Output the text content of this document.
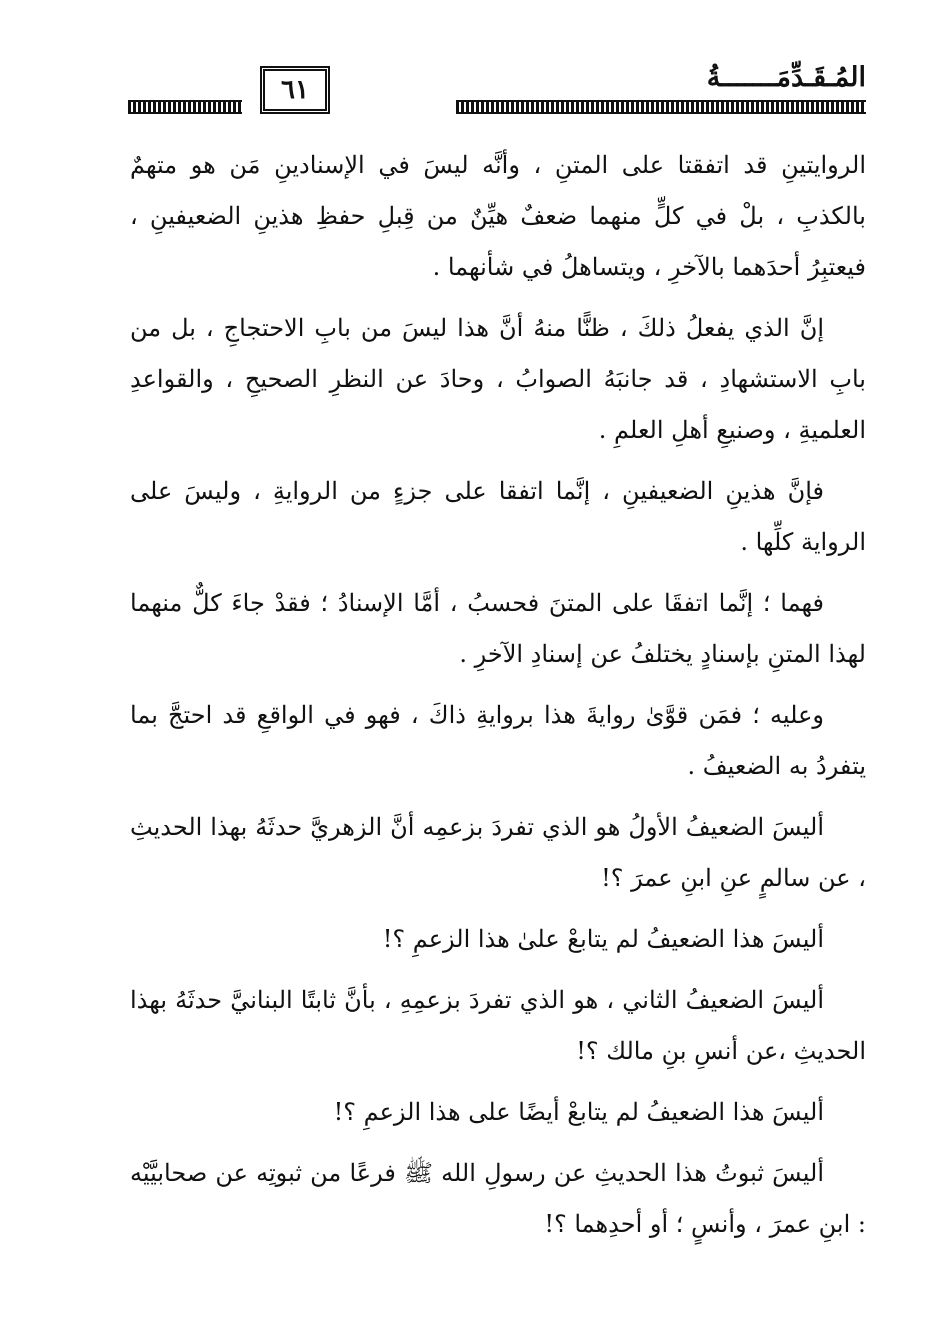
المُـقَـدِّمَـــــــةُ
٦١

الروايتينِ قد اتفقتا على المتنِ ، وأنَّه ليسَ في الإسنادينِ مَن هو متهمٌ بالكذبِ ، بلْ في كلٍّ منهما ضعفٌ هيِّنٌ من قِبلِ حفظِ هذينِ الضعيفينِ ، فيعتبِرُ أحدَهما بالآخرِ ، ويتساهلُ في شأنهما .

إنَّ الذي يفعلُ ذلكَ ، ظنًّا منهُ أنَّ هذا ليسَ من بابِ الاحتجاجِ ، بل من بابِ الاستشهادِ ، قد جانبَهُ الصوابُ ، وحادَ عن النظرِ الصحيحِ ، والقواعدِ العلميةِ ، وصنيعِ أهلِ العلمِ .

فإنَّ هذينِ الضعيفينِ ، إنَّما اتفقا على جزءٍ من الروايةِ ، وليسَ على الرواية كلِّها .

فهما ؛ إنَّما اتفقَا على المتنَ فحسبُ ، أمَّا الإسنادُ ؛ فقدْ جاءَ كلٌّ منهما لهذا المتنِ بإسنادٍ يختلفُ عن إسنادِ الآخرِ .

وعليه ؛ فمَن قوَّىٰ روايةَ هذا بروايةِ ذاكَ ، فهو في الواقعِ قد احتجَّ بما يتفردُ به الضعيفُ .

أليسَ الضعيفُ الأولُ هو الذي تفردَ بزعمِه أنَّ الزهريَّ حدثَهُ بهذا الحديثِ ، عن سالمٍ عنِ ابنِ عمرَ ؟!

أليسَ هذا الضعيفُ لم يتابعْ علىٰ هذا الزعمِ ؟!

أليسَ الضعيفُ الثاني ، هو الذي تفردَ بزعمِهِ ، بأنَّ ثابتًا البنانيَّ حدثَهُ بهذا الحديثِ ،عن أنسِ بنِ مالك ؟!

أليسَ هذا الضعيفُ لم يتابعْ أيضًا على هذا الزعمِ ؟!

أليسَ ثبوتُ هذا الحديثِ عن رسولِ الله ﷺ فرعًا من ثبوتِه عن صحابيَّيْه : ابنِ عمرَ ، وأنسٍ ؛ أو أحدِهما ؟!
